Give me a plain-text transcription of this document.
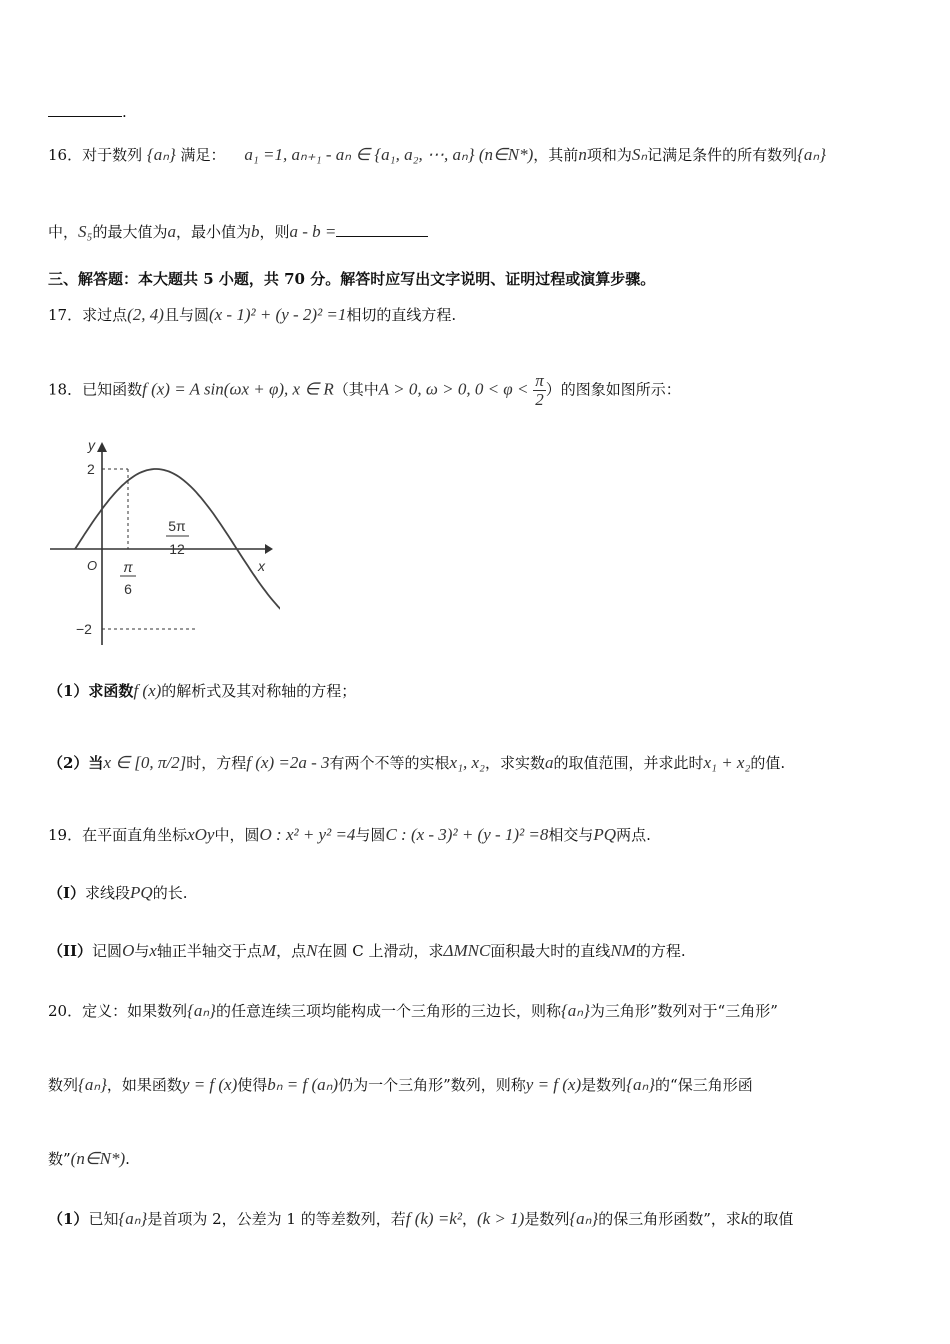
.
16．对于数列 {aₙ} 满足： a₁ =1, aₙ₊₁ - aₙ ∈ {a₁, a₂, ⋯, aₙ} (n∈N*)，其前n项和为Sₙ记满足条件的所有数列{aₙ}
中，S₅的最大值为a，最小值为b，则a - b =
三、解答题：本大题共 5 小题，共 70 分。解答时应写出文字说明、证明过程或演算步骤。
17．求过点(2, 4)且与圆(x - 1)² + (y - 2)² =1相切的直线方程.
18．已知函数f (x) = A sin(ωx + φ), x ∈ R（其中A > 0, ω > 0, $0 < \varphi < \frac{\pi}{2}$ ）的图象如图所示：
y
x
O
2
−2
π
6
5π
12
（1）求函数f (x)的解析式及其对称轴的方程；
（2）当x ∈ [0, π/2]时，方程f (x) =2a - 3有两个不等的实根x₁, x₂，求实数a的取值范围，并求此时x₁ + x₂的值.
19．在平面直角坐标xOy中，圆O : x² + y² =4与圆C : (x - 3)² + (y - 1)² =8相交与PQ两点.
（I）求线段PQ的长.
（II）记圆O与x轴正半轴交于点M，点N在圆 C 上滑动，求ΔMNC面积最大时的直线NM的方程.
20．定义：如果数列{aₙ}的任意连续三项均能构成一个三角形的三边长，则称{aₙ}为三角形”数列对于“三角形”
数列{aₙ}，如果函数y = f (x)使得bₙ = f (aₙ)仍为一个三角形”数列，则称y = f (x)是数列{aₙ}的“保三角形函
数”(n∈N*).
（1）已知{aₙ}是首项为 2，公差为 1 的等差数列，若f (k) =k²，(k > 1)是数列{aₙ}的保三角形函数”，求k的取值
